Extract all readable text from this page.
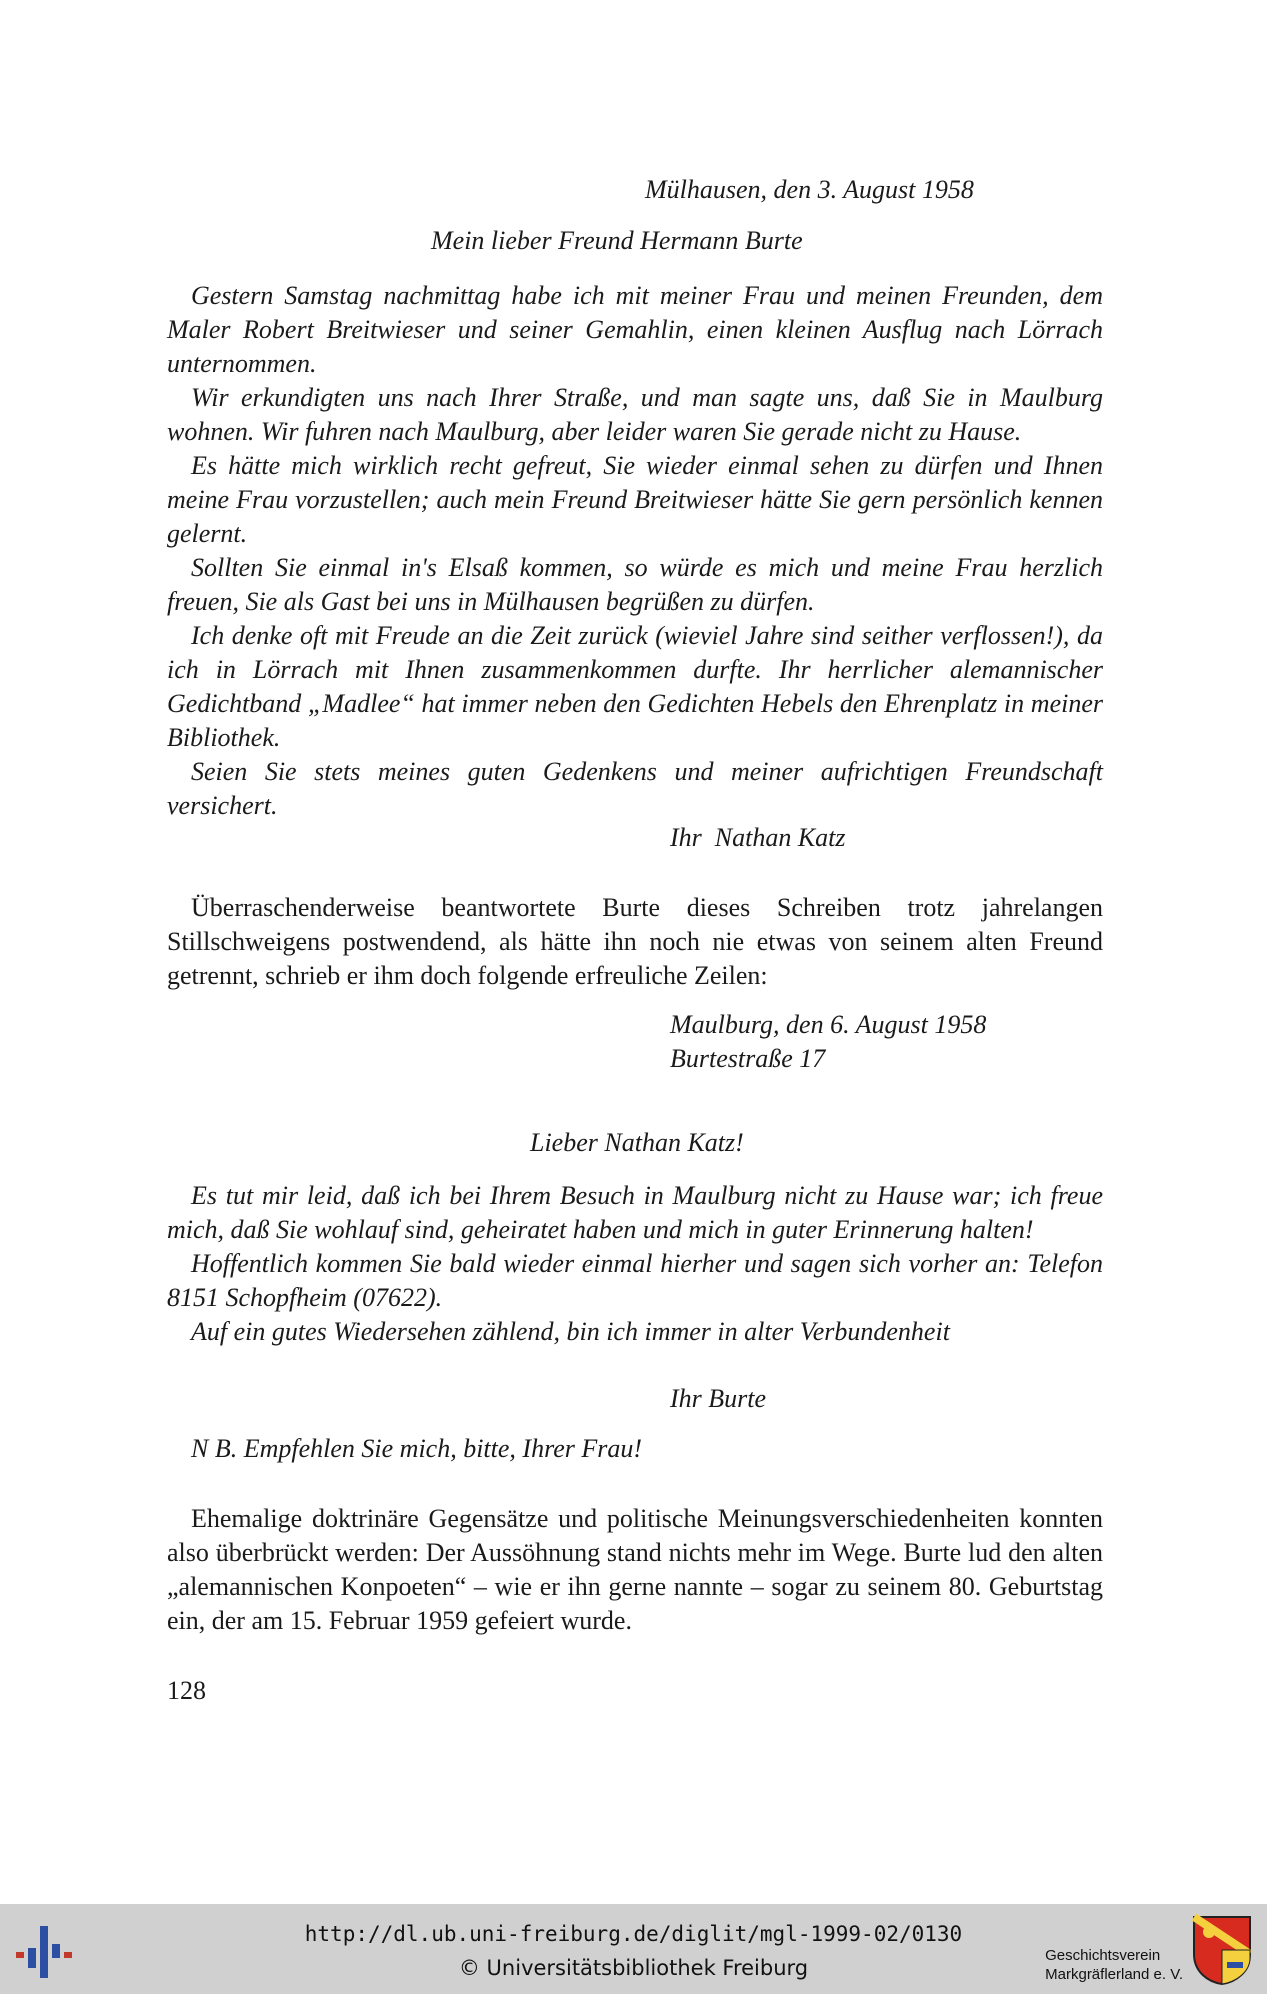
Mülhausen, den 3. August 1958

Mein lieber Freund Hermann Burte

Gestern Samstag nachmittag habe ich mit meiner Frau und meinen Freunden, dem Maler Robert Breitwieser und seiner Gemahlin, einen kleinen Ausflug nach Lörrach unternommen.

Wir erkundigten uns nach Ihrer Straße, und man sagte uns, daß Sie in Maulburg wohnen. Wir fuhren nach Maulburg, aber leider waren Sie gerade nicht zu Hause.

Es hätte mich wirklich recht gefreut, Sie wieder einmal sehen zu dürfen und Ihnen meine Frau vorzustellen; auch mein Freund Breitwieser hätte Sie gern persönlich kennen gelernt.

Sollten Sie einmal in's Elsaß kommen, so würde es mich und meine Frau herzlich freuen, Sie als Gast bei uns in Mülhausen begrüßen zu dürfen.

Ich denke oft mit Freude an die Zeit zurück (wieviel Jahre sind seither verflossen!), da ich in Lörrach mit Ihnen zusammenkommen durfte. Ihr herrlicher alemannischer Gedichtband „Madlee“ hat immer neben den Gedichten Hebels den Ehrenplatz in meiner Bibliothek.

Seien Sie stets meines guten Gedenkens und meiner aufrichtigen Freundschaft versichert.

Ihr  Nathan Katz

Überraschenderweise beantwortete Burte dieses Schreiben trotz jahrelangen Stillschweigens postwendend, als hätte ihn noch nie etwas von seinem alten Freund getrennt, schrieb er ihm doch folgende erfreuliche Zeilen:

Maulburg, den 6. August 1958

Burtestraße 17

Lieber Nathan Katz!

Es tut mir leid, daß ich bei Ihrem Besuch in Maulburg nicht zu Hause war; ich freue mich, daß Sie wohlauf sind, geheiratet haben und mich in guter Erinnerung halten!

Hoffentlich kommen Sie bald wieder einmal hierher und sagen sich vorher an: Telefon 8151 Schopfheim (07622).

Auf ein gutes Wiedersehen zählend, bin ich immer in alter Verbundenheit

Ihr Burte

N B. Empfehlen Sie mich, bitte, Ihrer Frau!

Ehemalige doktrinäre Gegensätze und politische Meinungsverschiedenheiten konnten also überbrückt werden: Der Aussöhnung stand nichts mehr im Wege. Burte lud den alten „alemannischen Konpoeten“ – wie er ihn gerne nannte – sogar zu seinem 80. Geburtstag ein, der am 15. Februar 1959 gefeiert wurde.

128
http://dl.ub.uni-freiburg.de/diglit/mgl-1999-02/0130
© Universitätsbibliothek Freiburg
Geschichtsverein
Markgräflerland e. V.
